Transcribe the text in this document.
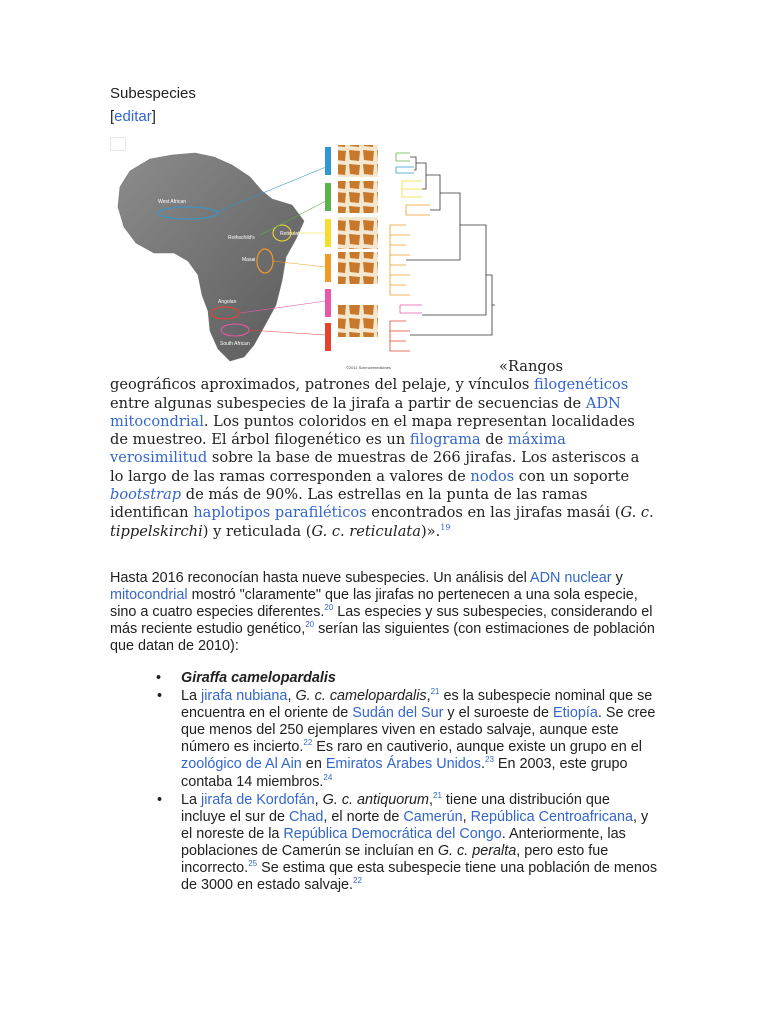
Subespecies
[editar]
West African
Rothschild's
Reticulated
Masai
Angolan
South African
©2011 Sciencemedicines	«Rangos
geográficos aproximados, patrones del pelaje, y vínculos filogenéticos entre algunas subespecies de la jirafa a partir de secuencias de ADN mitocondrial. Los puntos coloridos en el mapa representan localidades de muestreo. El árbol filogenético es un filograma de máxima verosimilitud sobre la base de muestras de 266 jirafas. Los asteriscos a lo largo de las ramas corresponden a valores de nodos con un soporte bootstrap de más de 90%. Las estrellas en la punta de las ramas identifican haplotipos parafiléticos encontrados en las jirafas masái (G. c. tippelskirchi) y reticulada (G. c. reticulata)».$^{19}$
Hasta 2016 reconocían hasta nueve subespecies. Un análisis del ADN nuclear y mitocondrial mostró "claramente" que las jirafas no pertenecen a una sola especie, sino a cuatro especies diferentes.$^{20}$ Las especies y sus subespecies, considerando el más reciente estudio genético,$^{20}$ serían las siguientes (con estimaciones de población que datan de 2010):
• Giraffa camelopardalis
• La jirafa nubiana, G. c. camelopardalis,$^{21}$ es la subespecie nominal que se encuentra en el oriente de Sudán del Sur y el suroeste de Etiopía. Se cree que menos del 250 ejemplares viven en estado salvaje, aunque este número es incierto.$^{22}$ Es raro en cautiverio, aunque existe un grupo en el zoológico de Al Ain en Emiratos Árabes Unidos.$^{23}$ En 2003, este grupo contaba 14 miembros.$^{24}$
• La jirafa de Kordofán, G. c. antiquorum,$^{21}$ tiene una distribución que incluye el sur de Chad, el norte de Camerún, República Centroafricana, y el noreste de la República Democrática del Congo. Anteriormente, las poblaciones de Camerún se incluían en G. c. peralta, pero esto fue incorrecto.$^{25}$ Se estima que esta subespecie tiene una población de menos de 3000 en estado salvaje.$^{22}$
